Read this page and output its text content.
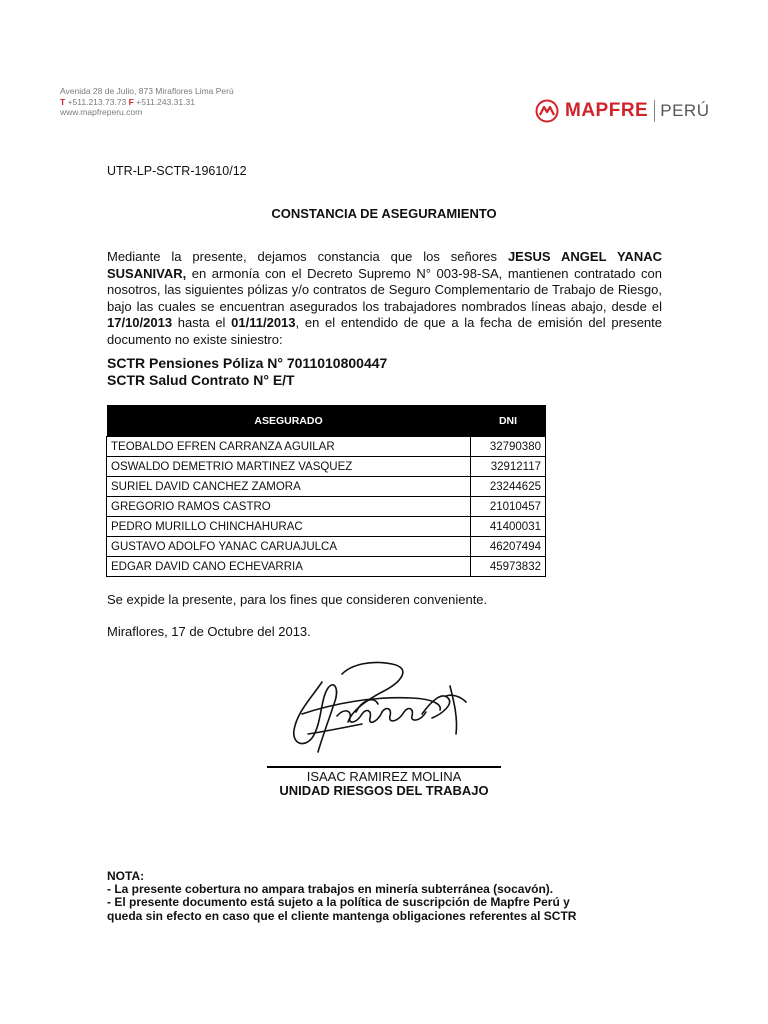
Avenida 28 de Julio, 873 Miraflores Lima Perú
T +511.213.73.73 F +511.243.31.31
www.mapfreperu.com	MAPFRE PERÚ
UTR-LP-SCTR-19610/12
CONSTANCIA DE ASEGURAMIENTO
Mediante la presente, dejamos constancia que los señores JESUS ANGEL YANAC SUSANIVAR, en armonía con el Decreto Supremo N° 003-98-SA, mantienen contratado con nosotros, las siguientes pólizas y/o contratos de Seguro Complementario de Trabajo de Riesgo, bajo las cuales se encuentran asegurados los trabajadores nombrados líneas abajo, desde el 17/10/2013 hasta el 01/11/2013, en el entendido de que a la fecha de emisión del presente documento no existe siniestro:
SCTR Pensiones Póliza N° 7011010800447
SCTR Salud Contrato N° E/T
ASEGURADO	DNI
TEOBALDO EFREN CARRANZA AGUILAR	32790380
OSWALDO DEMETRIO MARTINEZ VASQUEZ	32912117
SURIEL DAVID CANCHEZ ZAMORA	23244625
GREGORIO RAMOS CASTRO	21010457
PEDRO MURILLO CHINCHAHURAC	41400031
GUSTAVO ADOLFO YANAC CARUAJULCA	46207494
EDGAR DAVID CANO ECHEVARRIA	45973832
Se expide la presente, para los fines que consideren conveniente.
Miraflores, 17 de Octubre del 2013.
ISAAC RAMIREZ MOLINA
UNIDAD RIESGOS DEL TRABAJO
NOTA:
- La presente cobertura no ampara trabajos en minería subterránea (socavón).
- El presente documento está sujeto a la política de suscripción de Mapfre Perú y queda sin efecto en caso que el cliente mantenga obligaciones referentes al SCTR
